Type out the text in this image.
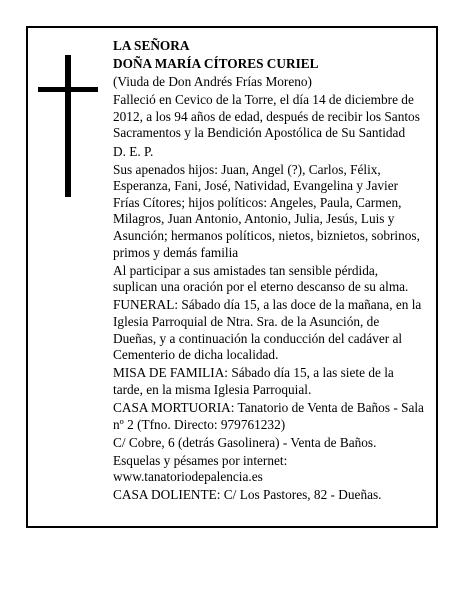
LA SEÑORA

DOÑA MARÍA CÍTORES CURIEL

(Viuda de Don Andrés Frías Moreno)

Falleció en Cevico de la Torre, el día 14 de diciembre de 2012, a los 94 años de edad, después de recibir los Santos Sacramentos y la Bendición Apostólica de Su Santidad

D. E. P.

Sus apenados hijos: Juan, Angel (?), Carlos, Félix, Esperanza, Fani, José, Natividad, Evangelina y Javier Frías Cítores; hijos políticos: Angeles, Paula, Carmen, Milagros, Juan Antonio, Antonio, Julia, Jesús, Luis y Asunción; hermanos políticos, nietos, biznietos, sobrinos, primos y demás familia

Al participar a sus amistades tan sensible pérdida, suplican una oración por el eterno descanso de su alma.

FUNERAL: Sábado día 15, a las doce de la mañana, en la Iglesia Parroquial de Ntra. Sra. de la Asunción, de Dueñas, y a continuación la conducción del cadáver al Cementerio de dicha localidad.

MISA DE FAMILIA: Sábado día 15, a las siete de la tarde, en la misma Iglesia Parroquial.

CASA MORTUORIA: Tanatorio de Venta de Baños - Sala nº 2 (Tfno. Directo: 979761232)

C/ Cobre, 6 (detrás Gasolinera) - Venta de Baños.

Esquelas y pésames por internet: www.tanatoriodepalencia.es

CASA DOLIENTE: C/ Los Pastores, 82 - Dueñas.
